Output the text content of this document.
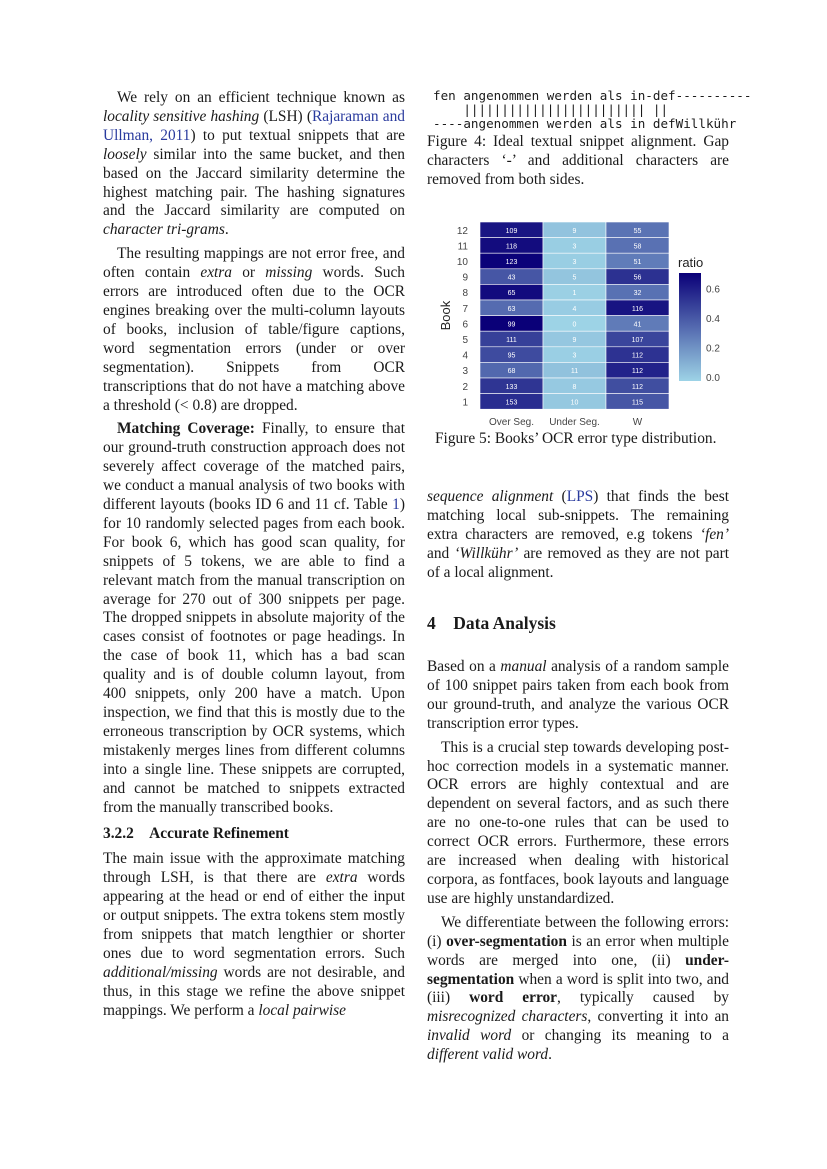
We rely on an efficient technique known as locality sensitive hashing (LSH) (Rajaraman and Ullman, 2011) to put textual snippets that are loosely similar into the same bucket, and then based on the Jaccard similarity determine the highest matching pair. The hashing signatures and the Jaccard similarity are computed on character tri-grams.

The resulting mappings are not error free, and often contain extra or missing words. Such errors are introduced often due to the OCR engines breaking over the multi-column layouts of books, inclusion of table/figure captions, word segmentation errors (under or over segmentation). Snippets from OCR transcriptions that do not have a matching above a threshold (< 0.8) are dropped.

Matching Coverage: Finally, to ensure that our ground-truth construction approach does not severely affect coverage of the matched pairs, we conduct a manual analysis of two books with different layouts (books ID 6 and 11 cf. Table 1) for 10 randomly selected pages from each book. For book 6, which has good scan quality, for snippets of 5 tokens, we are able to find a relevant match from the manual transcription on average for 270 out of 300 snippets per page. The dropped snippets in absolute majority of the cases consist of footnotes or page headings. In the case of book 11, which has a bad scan quality and is of double column layout, from 400 snippets, only 200 have a match. Upon inspection, we find that this is mostly due to the erroneous transcription by OCR systems, which mistakenly merges lines from different columns into a single line. These snippets are corrupted, and cannot be matched to snippets extracted from the manually transcribed books.

3.2.2 Accurate Refinement

The main issue with the approximate matching through LSH, is that there are extra words appearing at the head or end of either the input or output snippets. The extra tokens stem mostly from snippets that match lengthier or shorter ones due to word segmentation errors. Such additional/missing words are not desirable, and thus, in this stage we refine the above snippet mappings. We perform a local pairwise

fen angenommen werden als in-def----------
|||||||||||||||||||||||| ||
----angenommen werden als in defWillkühr
Figure 4: Ideal textual snippet alignment. Gap characters ‘-’ and additional characters are removed from both sides.
12	109	9	55
11	118	3	58
10	123	3	51
9	43	5	56
8	65	1	32
7	63	4	116
6	99	0	41
5	111	9	107
4	95	3	112
3	68	11	112
2	133	8	112
1	153	10	115
Over Seg. Under Seg.	W
Book
ratio
0.0
0.2
0.4
0.6
Figure 5: Books’ OCR error type distribution.

sequence alignment (LPS) that finds the best matching local sub-snippets. The remaining extra characters are removed, e.g tokens ‘fen’ and ‘Willkühr’ are removed as they are not part of a local alignment.

4 Data Analysis

Based on a manual analysis of a random sample of 100 snippet pairs taken from each book from our ground-truth, and analyze the various OCR transcription error types.

This is a crucial step towards developing post-hoc correction models in a systematic manner. OCR errors are highly contextual and are dependent on several factors, and as such there are no one-to-one rules that can be used to correct OCR errors. Furthermore, these errors are increased when dealing with historical corpora, as fontfaces, book layouts and language use are highly unstandardized.

We differentiate between the following errors: (i) over-segmentation is an error when multiple words are merged into one, (ii) under-segmentation when a word is split into two, and (iii) word error, typically caused by misrecognized characters, converting it into an invalid word or changing its meaning to a different valid word.
